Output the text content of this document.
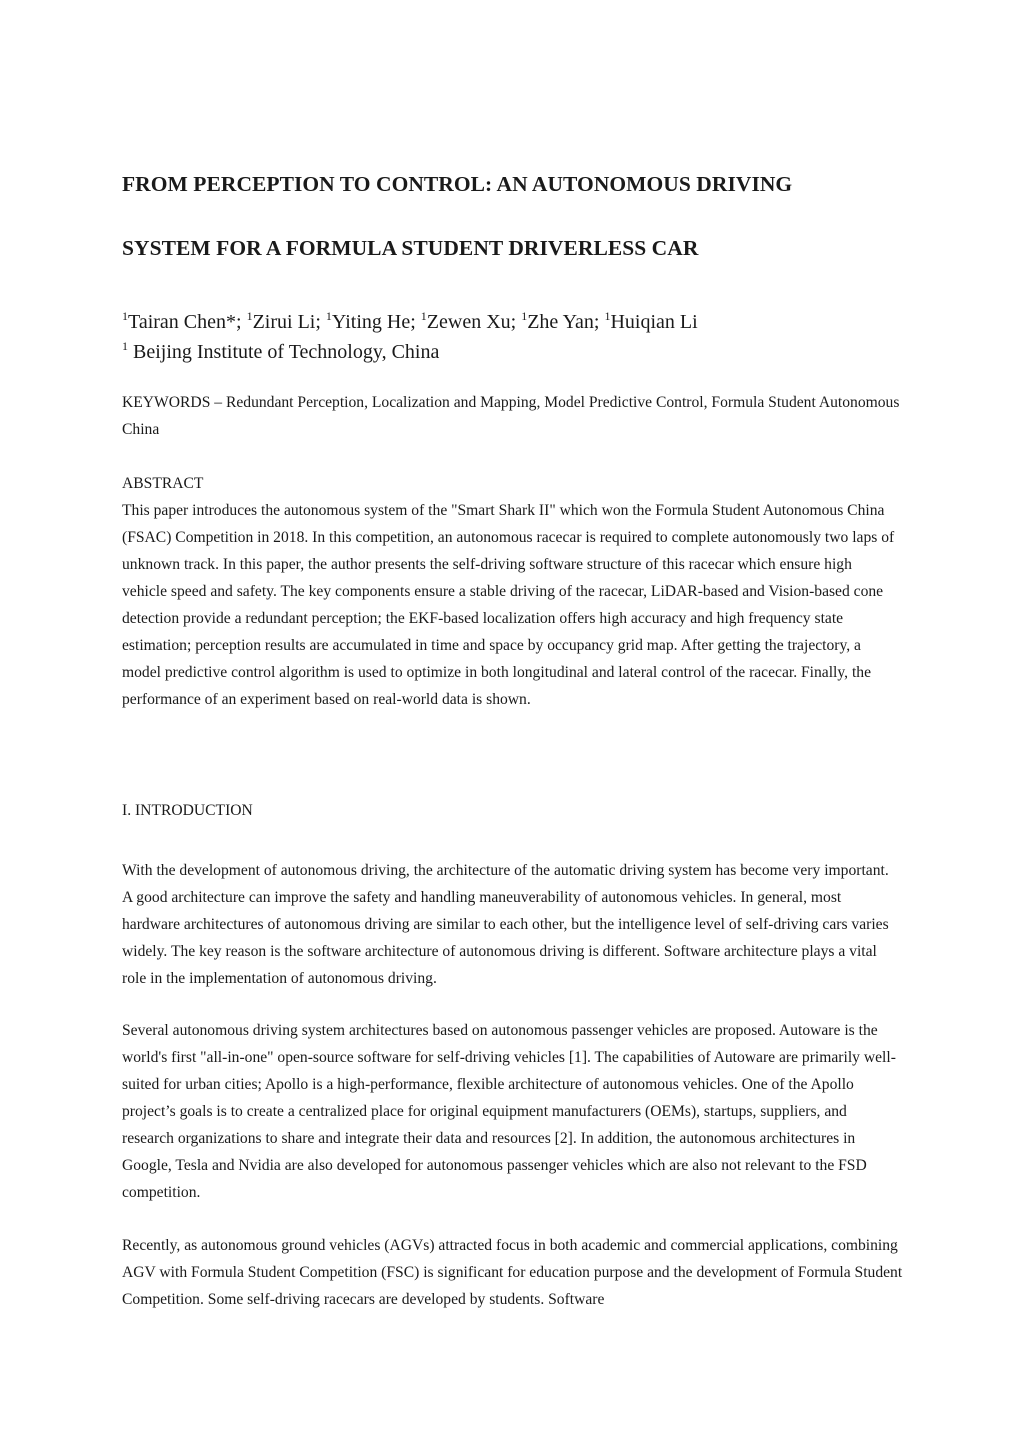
FROM PERCEPTION TO CONTROL: AN AUTONOMOUS DRIVING
SYSTEM FOR A FORMULA STUDENT DRIVERLESS CAR
$^1$Tairan Chen*; $^1$Zirui Li; $^1$Yiting He; $^1$Zewen Xu; $^1$Zhe Yan; $^1$Huiqian Li
$^1$ Beijing Institute of Technology, China
KEYWORDS – Redundant Perception, Localization and Mapping, Model Predictive Control, Formula Student Autonomous China
ABSTRACT
This paper introduces the autonomous system of the "Smart Shark II" which won the Formula Student Autonomous China (FSAC) Competition in 2018. In this competition, an autonomous racecar is required to complete autonomously two laps of unknown track. In this paper, the author presents the self-driving software structure of this racecar which ensure high vehicle speed and safety. The key components ensure a stable driving of the racecar, LiDAR-based and Vision-based cone detection provide a redundant perception; the EKF-based localization offers high accuracy and high frequency state estimation; perception results are accumulated in time and space by occupancy grid map. After getting the trajectory, a model predictive control algorithm is used to optimize in both longitudinal and lateral control of the racecar. Finally, the performance of an experiment based on real-world data is shown.
I. INTRODUCTION
With the development of autonomous driving, the architecture of the automatic driving system has become very important. A good architecture can improve the safety and handling maneuverability of autonomous vehicles. In general, most hardware architectures of autonomous driving are similar to each other, but the intelligence level of self-driving cars varies widely. The key reason is the software architecture of autonomous driving is different. Software architecture plays a vital role in the implementation of autonomous driving.
Several autonomous driving system architectures based on autonomous passenger vehicles are proposed. Autoware is the world's first "all-in-one" open-source software for self-driving vehicles [1]. The capabilities of Autoware are primarily well-suited for urban cities; Apollo is a high-performance, flexible architecture of autonomous vehicles. One of the Apollo project’s goals is to create a centralized place for original equipment manufacturers (OEMs), startups, suppliers, and research organizations to share and integrate their data and resources [2]. In addition, the autonomous architectures in Google, Tesla and Nvidia are also developed for autonomous passenger vehicles which are also not relevant to the FSD competition.
Recently, as autonomous ground vehicles (AGVs) attracted focus in both academic and commercial applications, combining AGV with Formula Student Competition (FSC) is significant for education purpose and the development of Formula Student Competition. Some self-driving racecars are developed by students. Software
